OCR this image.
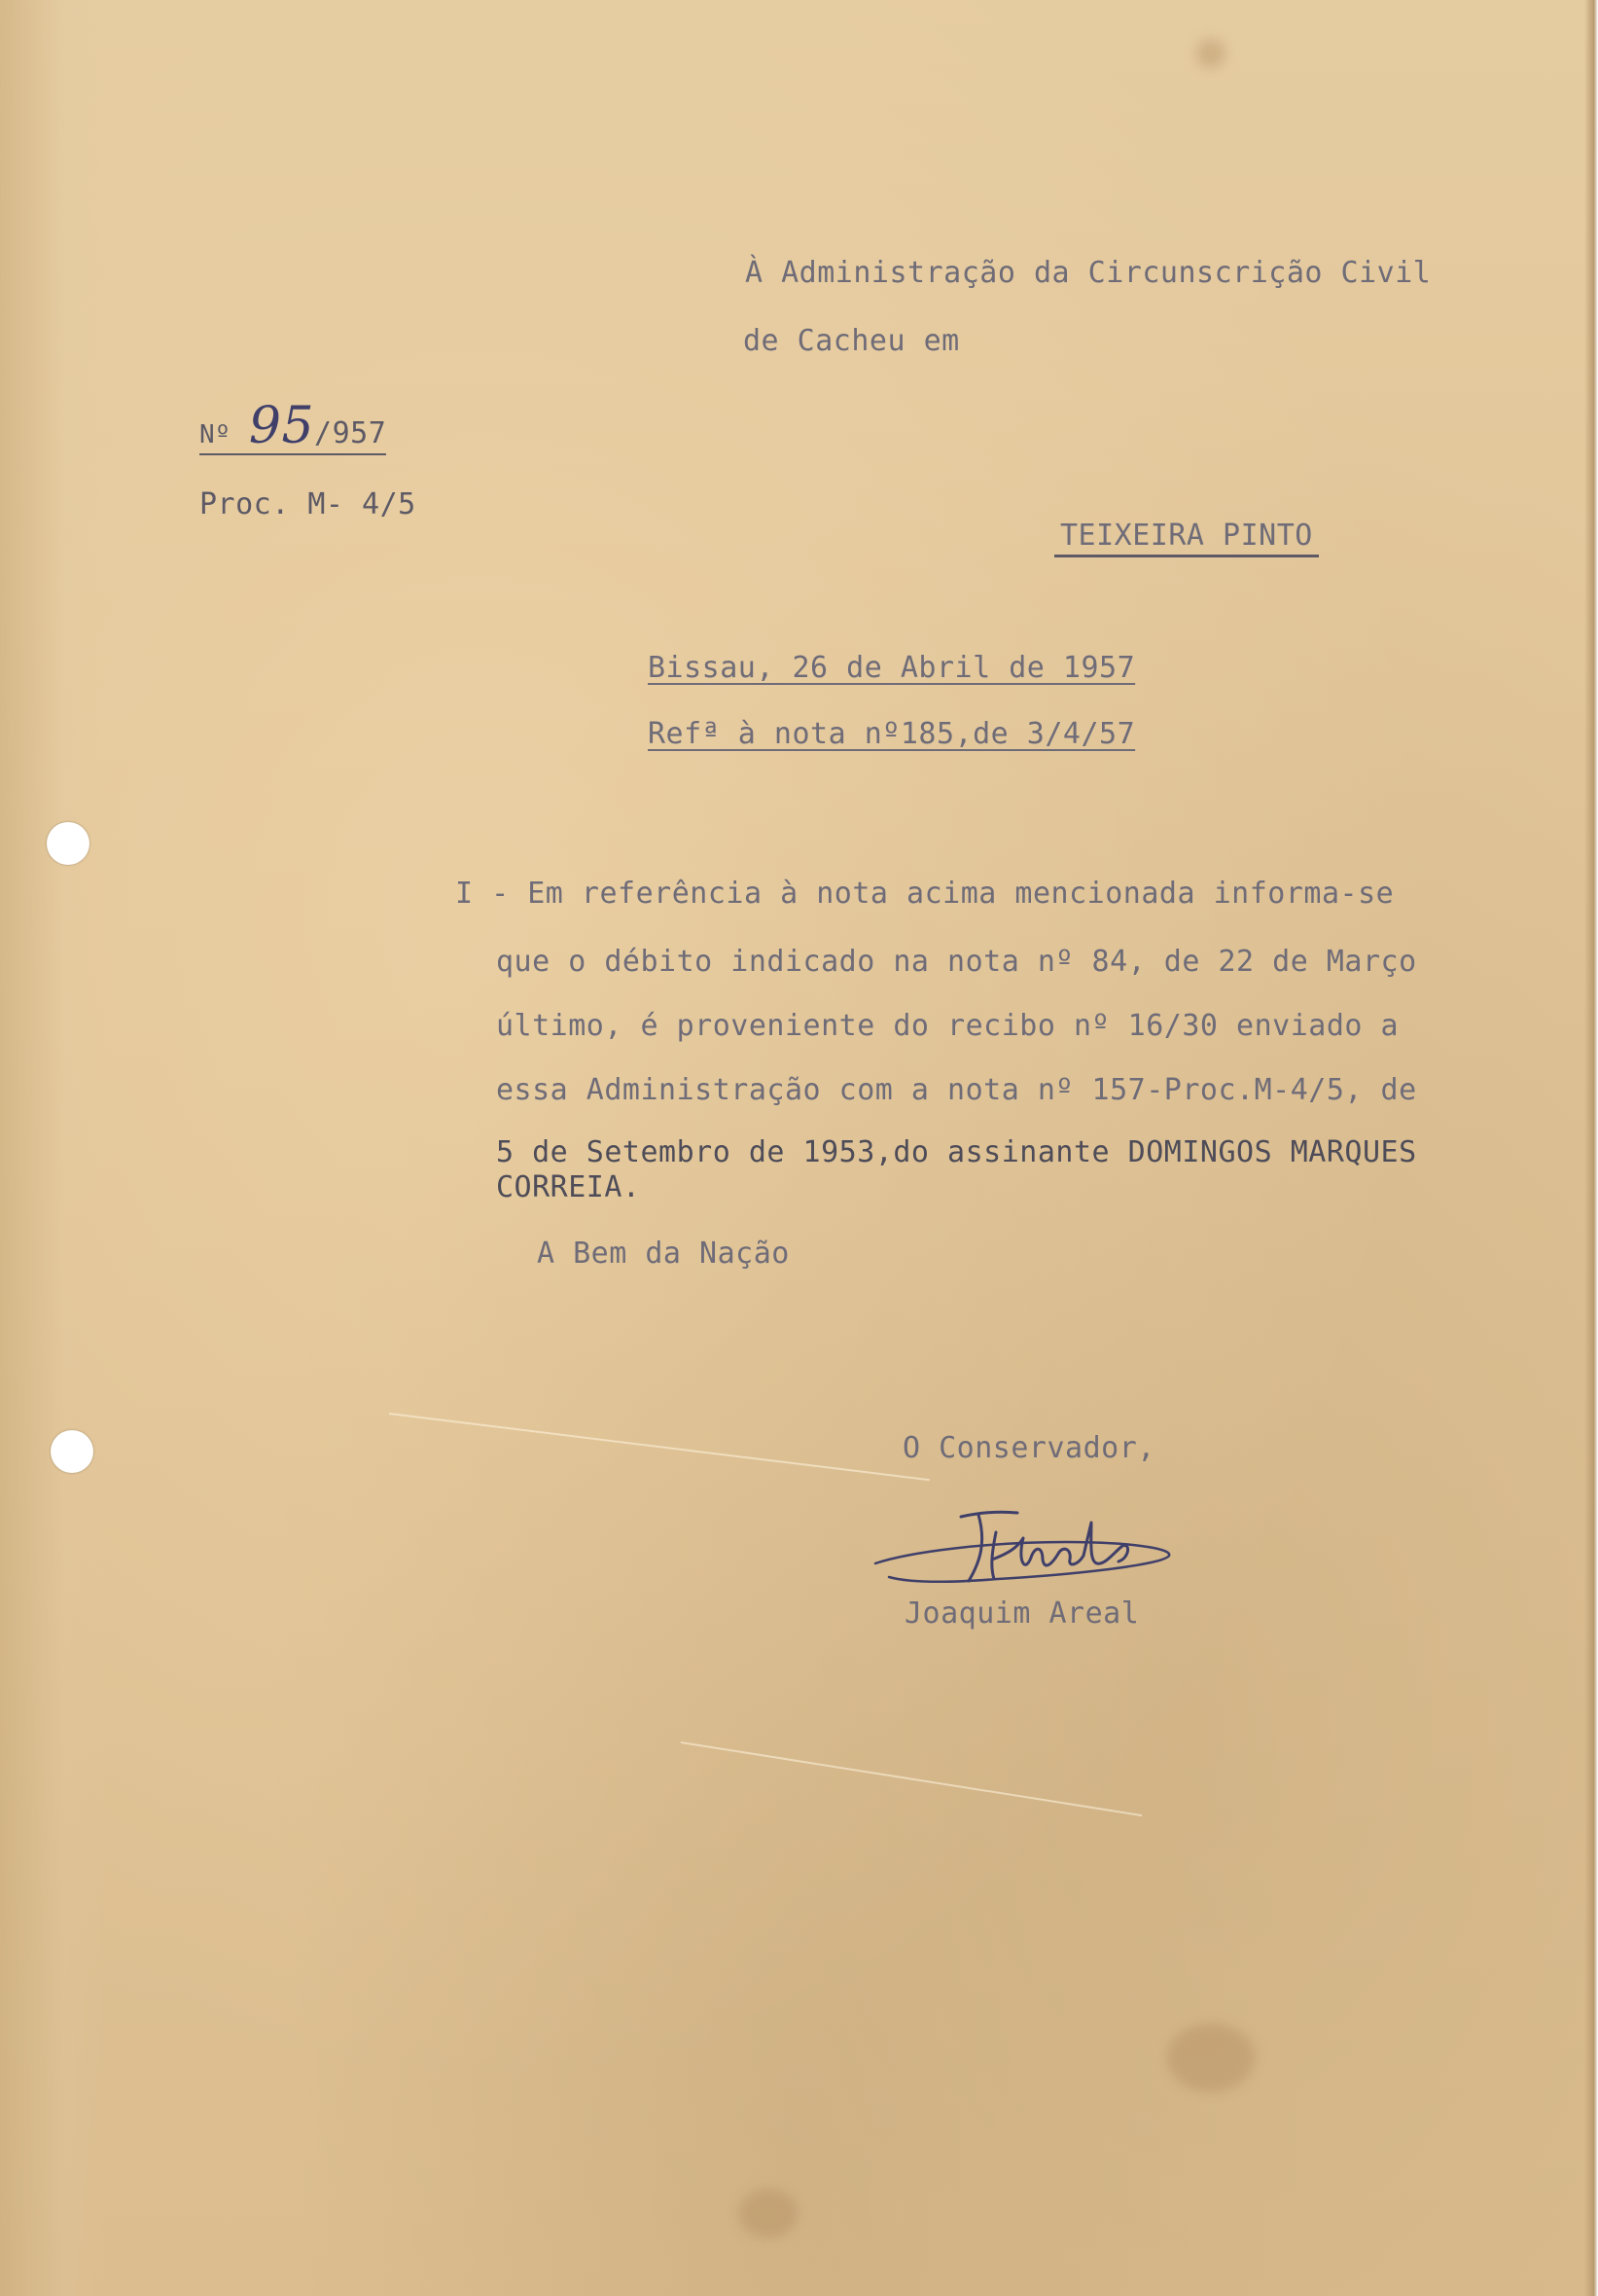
À Administração da Circunscrição Civil
de Cacheu em
Nº 95/957
Proc. M- 4/5
TEIXEIRA PINTO
Bissau, 26 de Abril de 1957
Refª à nota nº185,de 3/4/57
I - Em referência à nota acima mencionada informa-se
que o débito indicado na nota nº 84, de 22 de Março
último, é proveniente do recibo nº 16/30 enviado a
essa Administração com a nota nº 157-Proc.M-4/5, de
5 de Setembro de 1953,do assinante DOMINGOS MARQUES
CORREIA.
A Bem da Nação
O Conservador,
Joaquim Areal
